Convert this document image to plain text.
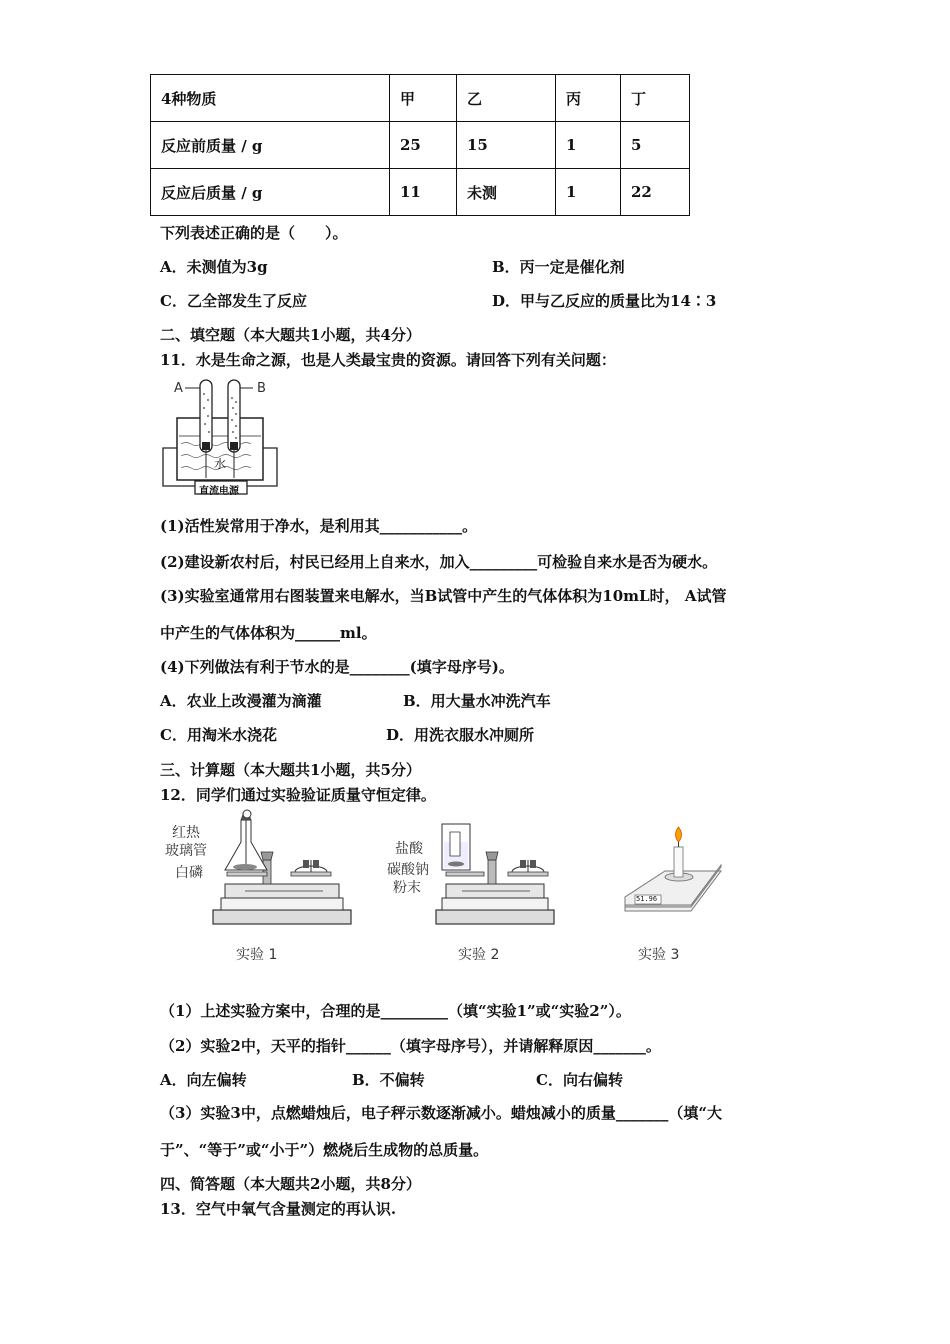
4种物质	甲	乙	丙	丁
反应前质量 / g	25	15	1	5
反应后质量 / g	11	未测	1	22
下列表述正确的是（　　）。
A．未测值为3g	B．丙一定是催化剂
C．乙全部发生了反应	D．甲与乙反应的质量比为14∶3
二、填空题（本大题共1小题，共4分）
11．水是生命之源，也是人类最宝贵的资源。请回答下列有关问题：
A	B
水
直流电源
(1)活性炭常用于净水，是利用其___________。
(2)建设新农村后，村民已经用上自来水，加入_________可检验自来水是否为硬水。
(3)实验室通常用右图装置来电解水，当B试管中产生的气体体积为10mL时， A试管
中产生的气体体积为______ml。
(4)下列做法有利于节水的是________(填字母序号)。
A．农业上改漫灌为滴灌	B．用大量水冲洗汽车
C．用淘米水浇花	D．用洗衣服水冲厕所
三、计算题（本大题共1小题，共5分）
12．同学们通过实验验证质量守恒定律。
红热
玻璃管
白磷
实验 1
盐酸
碳酸钠
粉末
实验 2
51.96
实验 3
（1）上述实验方案中，合理的是_________（填“实验1”或“实验2”）。
（2）实验2中，天平的指针______（填字母序号），并请解释原因_______。
A．向左偏转	B．不偏转	C．向右偏转
（3）实验3中，点燃蜡烛后，电子秤示数逐渐减小。蜡烛减小的质量_______（填“大
于”、“等于”或“小于”）燃烧后生成物的总质量。
四、简答题（本大题共2小题，共8分）
13．空气中氧气含量测定的再认识.
